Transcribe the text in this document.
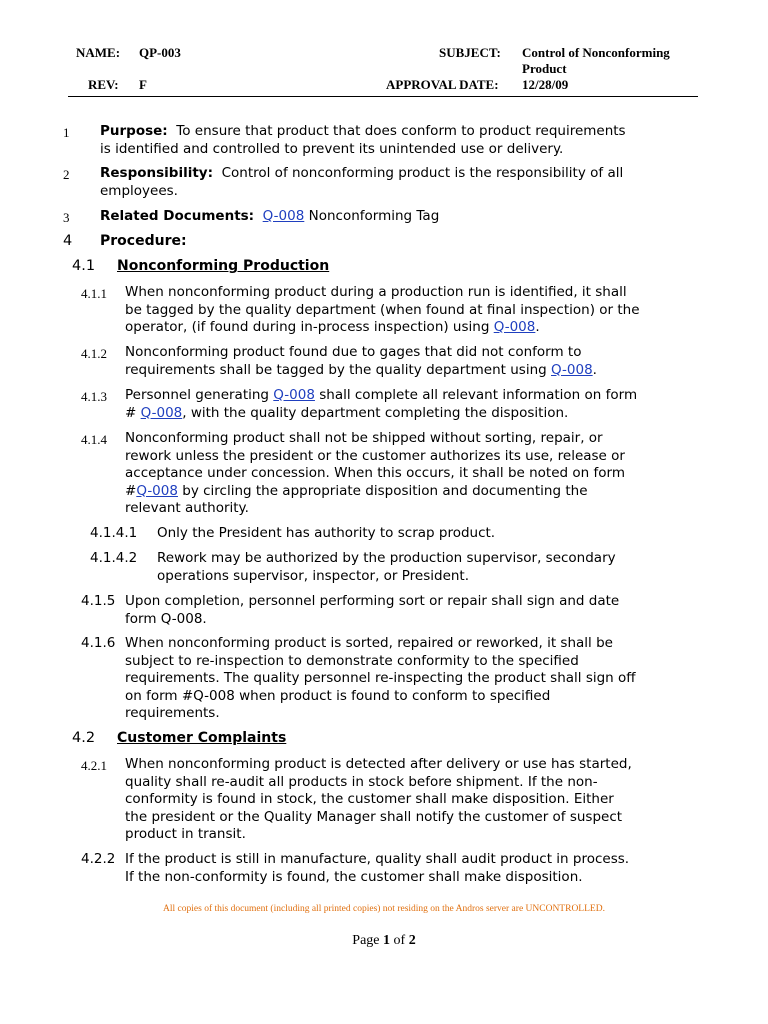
NAME: QP-003
REV: F
SUBJECT: Control of Nonconforming
Product
APPROVAL DATE: 12/28/09
1 Purpose: To ensure that product that does conform to product requirements
is identified and controlled to prevent its unintended use or delivery.
2 Responsibility: Control of nonconforming product is the responsibility of all
employees.
3 Related Documents: Q-008 Nonconforming Tag
4 Procedure:
4.1 Nonconforming Production
4.1.1 When nonconforming product during a production run is identified, it shall
be tagged by the quality department (when found at final inspection) or the
operator, (if found during in-process inspection) using Q-008.
4.1.2 Nonconforming product found due to gages that did not conform to
requirements shall be tagged by the quality department using Q-008.
4.1.3 Personnel generating Q-008 shall complete all relevant information on form
# Q-008, with the quality department completing the disposition.
4.1.4 Nonconforming product shall not be shipped without sorting, repair, or
rework unless the president or the customer authorizes its use, release or
acceptance under concession. When this occurs, it shall be noted on form
#Q-008 by circling the appropriate disposition and documenting the
relevant authority.
4.1.4.1 Only the President has authority to scrap product.
4.1.4.2 Rework may be authorized by the production supervisor, secondary
operations supervisor, inspector, or President.
4.1.5 Upon completion, personnel performing sort or repair shall sign and date
form Q-008.
4.1.6 When nonconforming product is sorted, repaired or reworked, it shall be
subject to re-inspection to demonstrate conformity to the specified
requirements. The quality personnel re-inspecting the product shall sign off
on form #Q-008 when product is found to conform to specified
requirements.
4.2 Customer Complaints
4.2.1 When nonconforming product is detected after delivery or use has started,
quality shall re-audit all products in stock before shipment. If the non-
conformity is found in stock, the customer shall make disposition. Either
the president or the Quality Manager shall notify the customer of suspect
product in transit.
4.2.2 If the product is still in manufacture, quality shall audit product in process.
If the non-conformity is found, the customer shall make disposition.
All copies of this document (including all printed copies) not residing on the Andros server are UNCONTROLLED.
Page 1 of 2
